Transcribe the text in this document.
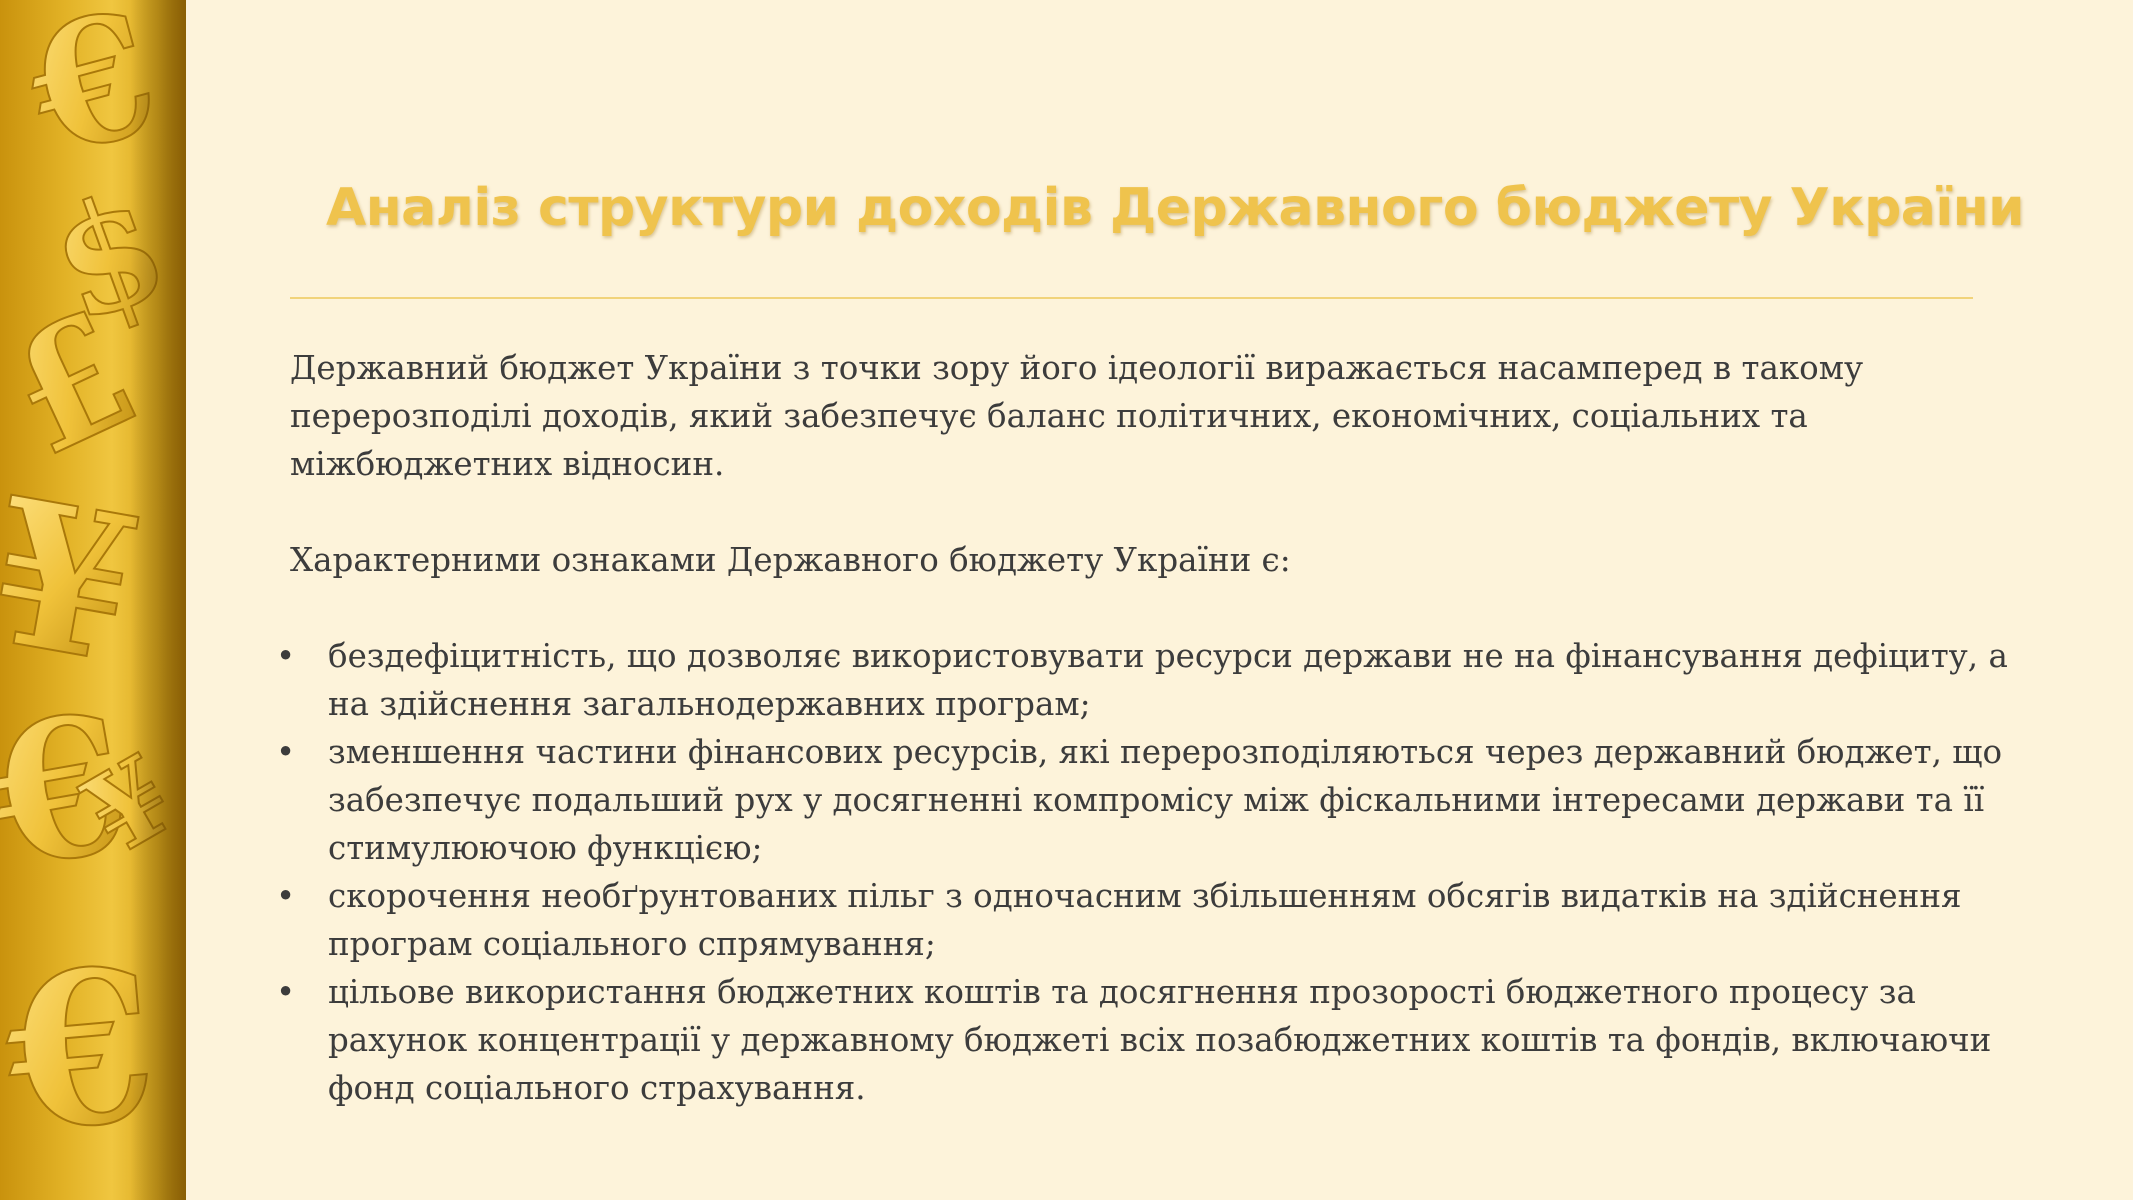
Аналіз структури доходів Державного бюджету України

Державний бюджет України з точки зору його ідеології виражається насамперед в такому перерозподілі доходів, який забезпечує баланс політичних, економічних, соціальних та міжбюджетних відносин.

Характерними ознаками Державного бюджету України є:

• бездефіцитність, що дозволяє використовувати ресурси держави не на фінансування дефіциту, а на здійснення загальнодержавних програм;
• зменшення частини фінансових ресурсів, які перерозподіляються через державний бюджет, що забезпечує подальший рух у досягненні компромісу між фіскальними інтересами держави та її стимулюючою функцією;
• скорочення необґрунтованих пільг з одночасним збільшенням обсягів видатків на здійснення програм соціального спрямування;
• цільове використання бюджетних коштів та досягнення прозорості бюджетного процесу за рахунок концентрації у державному бюджеті всіх позабюджетних коштів та фондів, включаючи фонд соціального страхування.
